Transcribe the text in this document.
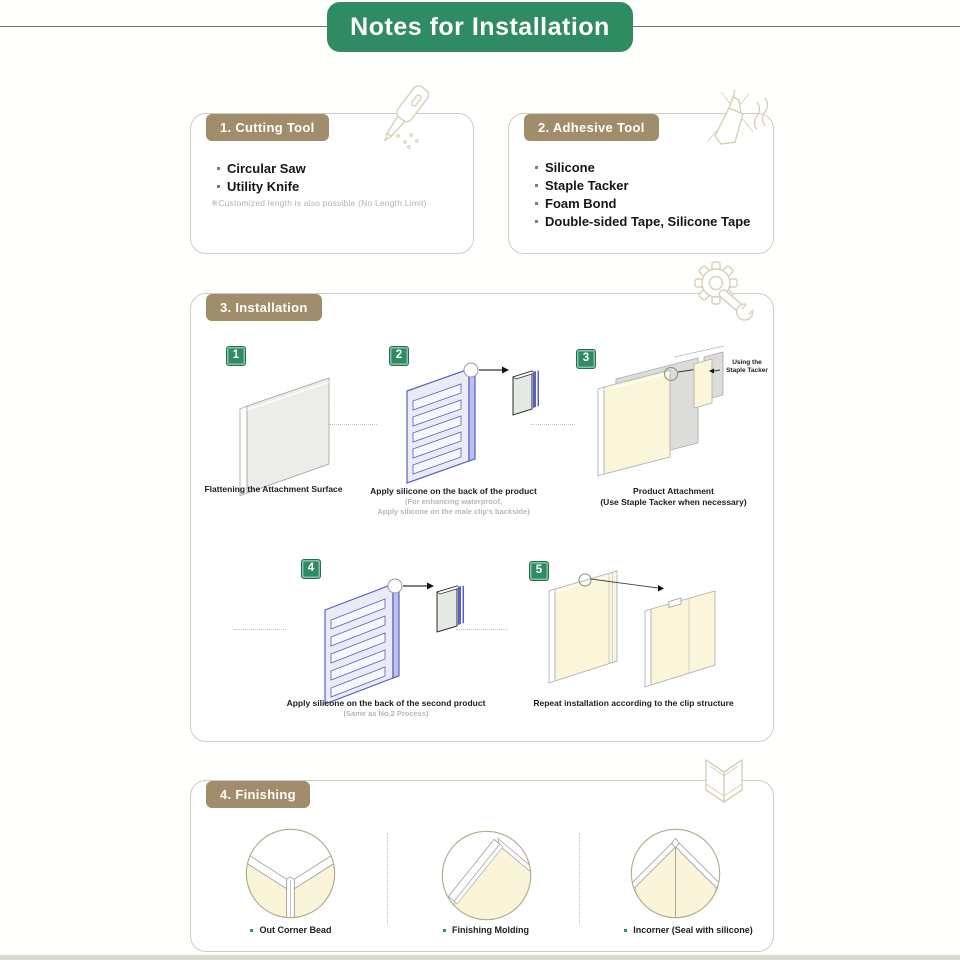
Notes for Installation
1. Cutting Tool
Circular Saw
Utility Knife
※Customized length is also possible (No Length Limit)
2. Adhesive Tool
Silicone
Staple Tacker
Foam Bond
Double-sided Tape, Silicone Tape
3. Installation
1	2	3
4	5
Using the
Staple Tacker
Flattening the Attachment Surface	Apply silicone on the back of the product
(For enhancing waterproof,
Apply silicone on the male clip's backside)
Product Attachment
(Use Staple Tacker when necessary)
Apply silicone on the back of the second product
(Same as No.2 Process)
Repeat installation according to the clip structure
4. Finishing
Out Corner Bead	Finishing Molding	Incorner (Seal with silicone)
